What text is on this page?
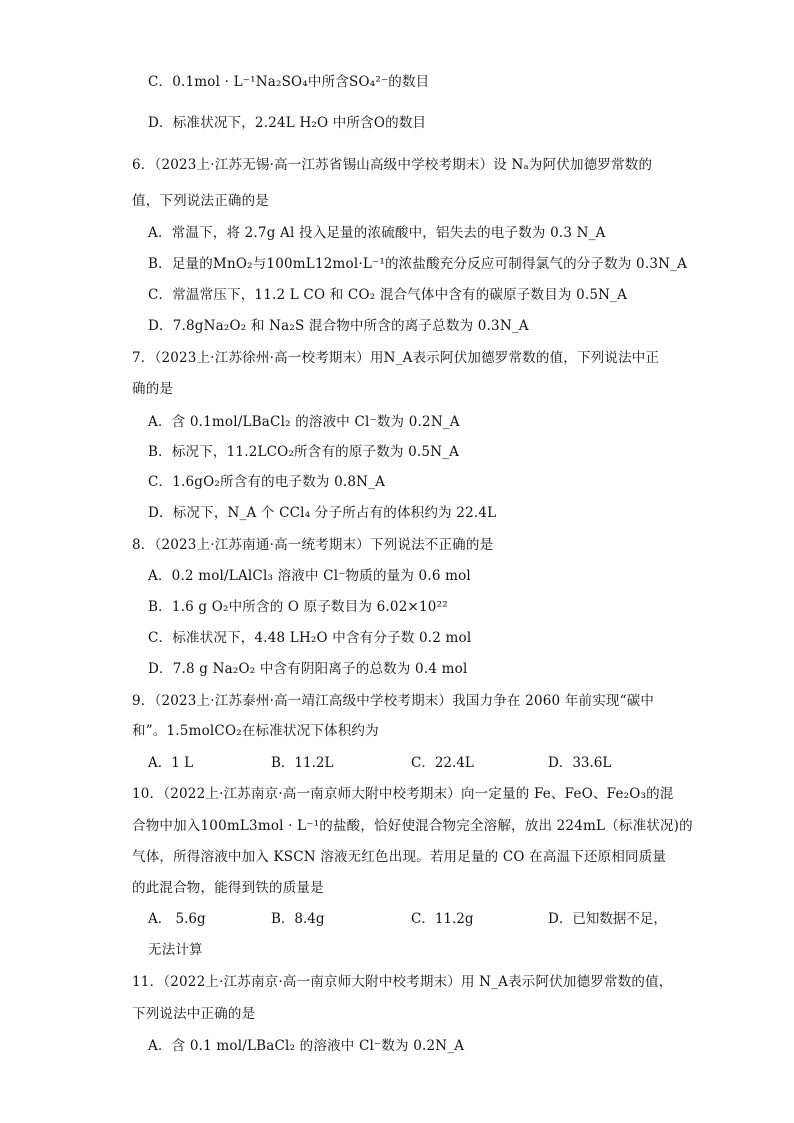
C．0.1mol · L⁻¹Na₂SO₄中所含SO₄²⁻的数目
D．标准状况下，2.24L H₂O 中所含O的数目
6．（2023上·江苏无锡·高一江苏省锡山高级中学校考期末）设 Nₐ为阿伏加德罗常数的
值，下列说法正确的是
A．常温下，将 2.7g Al 投入足量的浓硫酸中，铝失去的电子数为 0.3 N_A
B．足量的MnO₂与100mL12mol·L⁻¹的浓盐酸充分反应可制得氯气的分子数为 0.3N_A
C．常温常压下，11.2 L CO 和 CO₂ 混合气体中含有的碳原子数目为 0.5N_A
D．7.8gNa₂O₂ 和 Na₂S 混合物中所含的离子总数为 0.3N_A
7．（2023上·江苏徐州·高一校考期末）用N_A表示阿伏加德罗常数的值，下列说法中正
确的是
A．含 0.1mol/LBaCl₂ 的溶液中 Cl⁻数为 0.2N_A
B．标况下，11.2LCO₂所含有的原子数为 0.5N_A
C．1.6gO₂所含有的电子数为 0.8N_A
D．标况下，N_A 个 CCl₄ 分子所占有的体积约为 22.4L
8．（2023上·江苏南通·高一统考期末）下列说法不正确的是
A．0.2 mol/LAlCl₃ 溶液中 Cl⁻物质的量为 0.6 mol
B．1.6 g O₂中所含的 O 原子数目为 6.02×10²²
C．标准状况下，4.48 LH₂O 中含有分子数 0.2 mol
D．7.8 g Na₂O₂ 中含有阴阳离子的总数为 0.4 mol
9．（2023上·江苏泰州·高一靖江高级中学校考期末）我国力争在 2060 年前实现“碳中
和”。1.5molCO₂在标准状况下体积约为
A．1 L	B．11.2L	C．22.4L	D．33.6L
10．（2022上·江苏南京·高一南京师大附中校考期末）向一定量的 Fe、FeO、Fe₂O₃的混
合物中加入100mL3mol · L⁻¹的盐酸，恰好使混合物完全溶解，放出 224mL（标准状况)的
气体，所得溶液中加入 KSCN 溶液无红色出现。若用足量的 CO 在高温下还原相同质量
的此混合物，能得到铁的质量是
A． 5.6g	B．8.4g	C．11.2g	D．已知数据不足，
无法计算
11．（2022上·江苏南京·高一南京师大附中校考期末）用 N_A表示阿伏加德罗常数的值，
下列说法中正确的是
A．含 0.1 mol/LBaCl₂ 的溶液中 Cl⁻数为 0.2N_A
